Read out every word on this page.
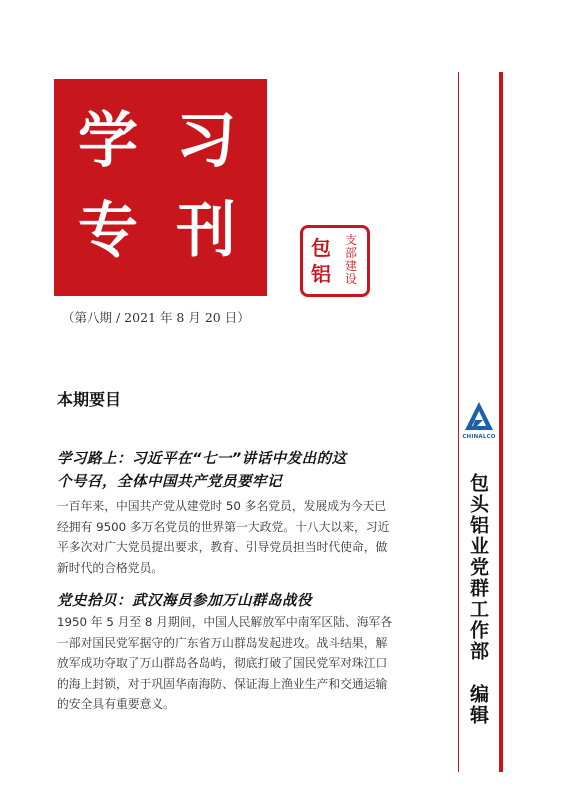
学 习
专 刊	包
铝
支
部
建
设
（第八期 / 2021 年 8 月 20 日）
本期要目
学习路上：习近平在“七一”讲话中发出的这
个号召，全体中国共产党员要牢记
一百年来，中国共产党从建党时 50 多名党员，发展成为今天已
经拥有 9500 多万名党员的世界第一大政党。十八大以来，习近
平多次对广大党员提出要求，教育、引导党员担当时代使命，做
新时代的合格党员。
党史拾贝：武汉海员参加万山群岛战役
1950 年 5 月至 8 月期间，中国人民解放军中南军区陆、海军各
一部对国民党军据守的广东省万山群岛发起进攻。战斗结果，解
放军成功夺取了万山群岛各岛屿，彻底打破了国民党军对珠江口
的海上封锁，对于巩固华南海防、保证海上渔业生产和交通运输
的安全具有重要意义。
CHINALCO
包头铝业党群工作部编辑
